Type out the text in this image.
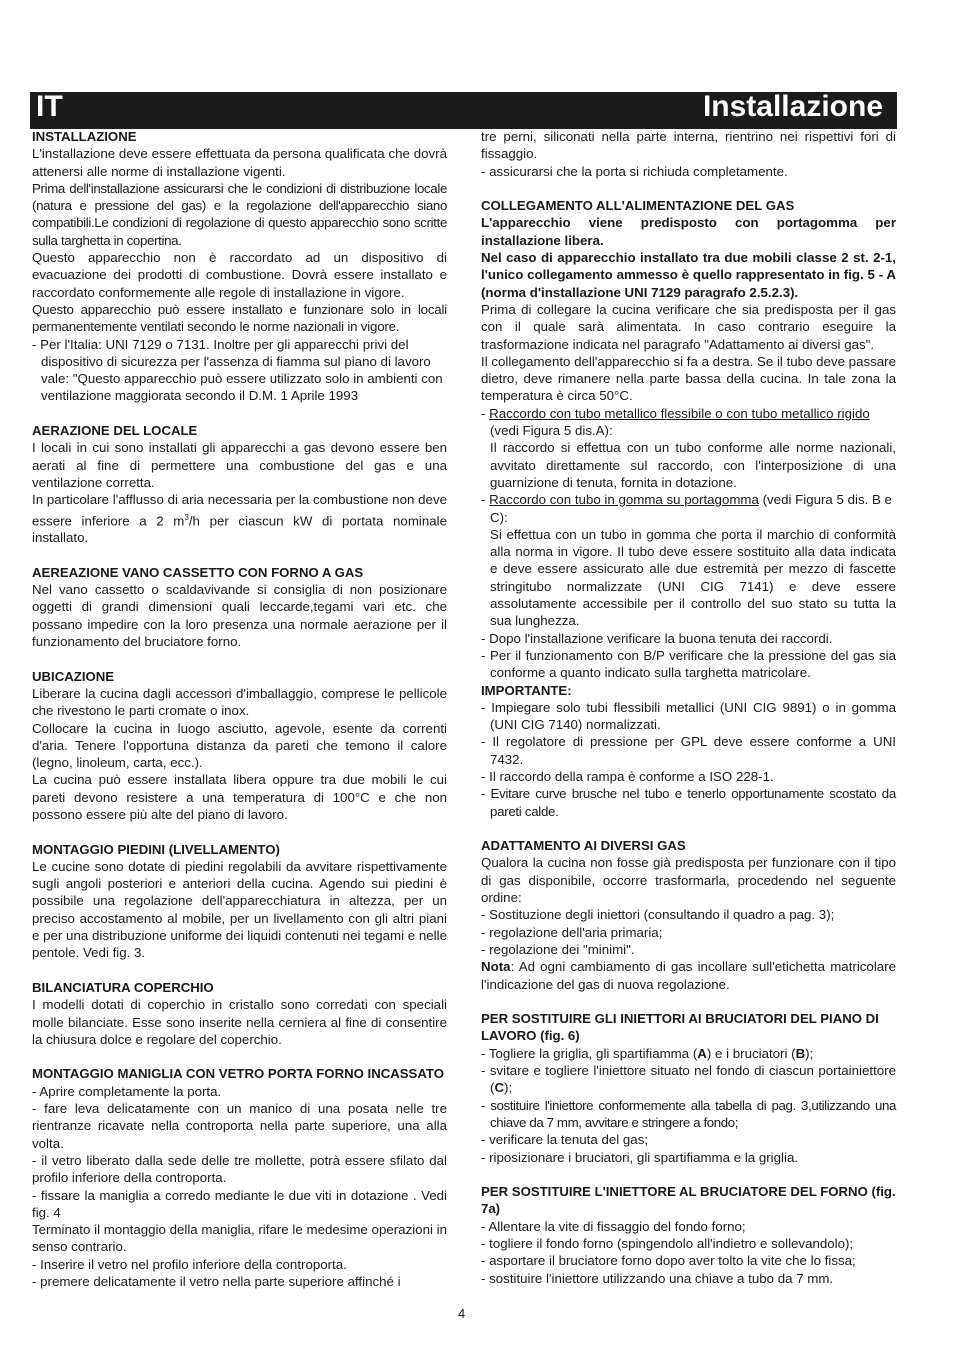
IT	Installazione
INSTALLAZIONE

L'installazione deve essere effettuata da persona qualificata che dovrà attenersi alle norme di installazione vigenti.

Prima dell'installazione assicurarsi che le condizioni di distribuzione locale (natura e pressione del gas) e la regolazione dell'apparecchio siano compatibili.Le condizioni di regolazione di questo apparecchio sono scritte sulla targhetta in copertina.

Questo apparecchio non è raccordato ad un dispositivo di evacuazione dei prodotti di combustione. Dovrà essere installato e raccordato conformemente alle regole di installazione in vigore.

Questo apparecchio può essere installato e funzionare solo in locali permanentemente ventilati secondo le norme nazionali in vigore.

- Per l'Italia: UNI 7129 o 7131. Inoltre per gli apparecchi privi del dispositivo di sicurezza per l'assenza di fiamma sul piano di lavoro vale: "Questo apparecchio può essere utilizzato solo in ambienti con ventilazione maggiorata secondo il D.M. 1 Aprile 1993

AERAZIONE DEL LOCALE

I locali in cui sono installati gli apparecchi a gas devono essere ben aerati al fine di permettere una combustione del gas e una ventilazione corretta.

In particolare l'afflusso di aria necessaria per la combustione non deve essere inferiore a 2 $m^3/h$ per ciascun kW di portata nominale installato.

AEREAZIONE VANO CASSETTO CON FORNO A GAS

Nel vano cassetto o scaldavivande si consiglia di non posizionare oggetti di grandi dimensioni quali leccarde,tegami vari etc. che possano impedire con la loro presenza una normale aerazione per il funzionamento del bruciatore forno.

UBICAZIONE

Liberare la cucina dagli accessori d'imballaggio, comprese le pellicole che rivestono le parti cromate o inox.

Collocare la cucina in luogo asciutto, agevole, esente da correnti d'aria. Tenere l'opportuna distanza da pareti che temono il calore (legno, linoleum, carta, ecc.).

La cucina può essere installata libera oppure tra due mobili le cui pareti devono resistere a una temperatura di 100°C e che non possono essere più alte del piano di lavoro.

MONTAGGIO PIEDINI (LIVELLAMENTO)

Le cucine sono dotate di piedini regolabili da avvitare rispettivamente sugli angoli posteriori e anteriori della cucina. Agendo sui piedini è possibile una regolazione dell'apparecchiatura in altezza, per un preciso accostamento al mobile, per un livellamento con gli altri piani e per una distribuzione uniforme dei liquidi contenuti nei tegami e nelle pentole. Vedi fig. 3.

BILANCIATURA COPERCHIO

I modelli dotati di coperchio in cristallo sono corredati con speciali molle bilanciate. Esse sono inserite nella cerniera al fine di consentire la chiusura dolce e regolare del coperchio.

MONTAGGIO MANIGLIA CON VETRO PORTA FORNO INCASSATO

- Aprire completamente la porta.

- fare leva delicatamente con un manico di una posata nelle tre rientranze ricavate nella controporta nella parte superiore, una alla volta.

- il vetro liberato dalla sede delle tre mollette, potrà essere sfilato dal profilo inferiore della controporta.

- fissare la maniglia a corredo mediante le due viti in dotazione . Vedi fig. 4

Terminato il montaggio della maniglia, rifare le medesime operazioni in senso contrario.

- Inserire il vetro nel profilo inferiore della controporta.

- premere delicatamente il vetro nella parte superiore affinché i

tre perni, siliconati nella parte interna, rientrino nei rispettivi fori di fissaggio.

- assicurarsi che la porta si richiuda completamente.

COLLEGAMENTO ALL'ALIMENTAZIONE DEL GAS

L'apparecchio viene predisposto con portagomma per installazione libera.

Nel caso di apparecchio installato tra due mobili classe 2 st. 2-1, l'unico collegamento ammesso è quello rappresentato in fig. 5 - A (norma d'installazione UNI 7129 paragrafo 2.5.2.3).

Prima di collegare la cucina verificare che sia predisposta per il gas con il quale sarà alimentata. In caso contrario eseguire la trasformazione indicata nel paragrafo "Adattamento ai diversi gas".

Il collegamento dell'apparecchio si fa a destra. Se il tubo deve passare dietro, deve rimanere nella parte bassa della cucina. In tale zona la temperatura è circa 50°C.

- Raccordo con tubo metallico flessibile o con tubo metallico rigido (vedi Figura 5 dis.A):

Il raccordo si effettua con un tubo conforme alle norme nazionali, avvitato direttamente sul raccordo, con l'interposizione di una guarnizione di tenuta, fornita in dotazione.

- Raccordo con tubo in gomma su portagomma (vedi Figura 5 dis. B e C):

Si effettua con un tubo in gomma che porta il marchio di conformità alla norma in vigore. Il tubo deve essere sostituito alla data indicata e deve essere assicurato alle due estremità per mezzo di fascette stringitubo normalizzate (UNI CIG 7141) e deve essere assolutamente accessibile per il controllo del suo stato su tutta la sua lunghezza.

- Dopo l'installazione verificare la buona tenuta dei raccordi.

- Per il funzionamento con B/P verificare che la pressione del gas sia conforme a quanto indicato sulla targhetta matricolare.

IMPORTANTE:

- Impiegare solo tubi flessibili metallici (UNI CIG 9891) o in gomma (UNI CIG 7140) normalizzati.

- Il regolatore di pressione per GPL deve essere conforme a UNI 7432.

- Il raccordo della rampa è conforme a ISO 228-1.

- Evitare curve brusche nel tubo e tenerlo opportunamente scostato da pareti calde.

ADATTAMENTO AI DIVERSI GAS

Qualora la cucina non fosse già predisposta per funzionare con il tipo di gas disponibile, occorre trasformarla, procedendo nel seguente ordine:

- Sostituzione degli iniettori (consultando il quadro a pag. 3);

- regolazione dell'aria primaria;

- regolazione dei "minimi".

Nota: Ad ogni cambiamento di gas incollare sull'etichetta matricolare l'indicazione del gas di nuova regolazione.

PER SOSTITUIRE GLI INIETTORI AI BRUCIATORI DEL PIANO DI LAVORO (fig. 6)

- Togliere la griglia, gli spartifiamma (A) e i bruciatori (B);

- svitare e togliere l'iniettore situato nel fondo di ciascun portainiettore (C);

- sostituire l'iniettore conformemente alla tabella di pag. 3,utilizzando una chiave da 7 mm, avvitare e stringere a fondo;

- verificare la tenuta del gas;

- riposizionare i bruciatori, gli spartifiamma e la griglia.

PER SOSTITUIRE L'INIETTORE AL BRUCIATORE DEL FORNO (fig. 7a)

- Allentare la vite di fissaggio del fondo forno;

- togliere il fondo forno (spingendolo all'indietro e sollevandolo);

- asportare il bruciatore forno dopo aver tolto la vite che lo fissa;

- sostituire l'iniettore utilizzando una chiave a tubo da 7 mm.

4
